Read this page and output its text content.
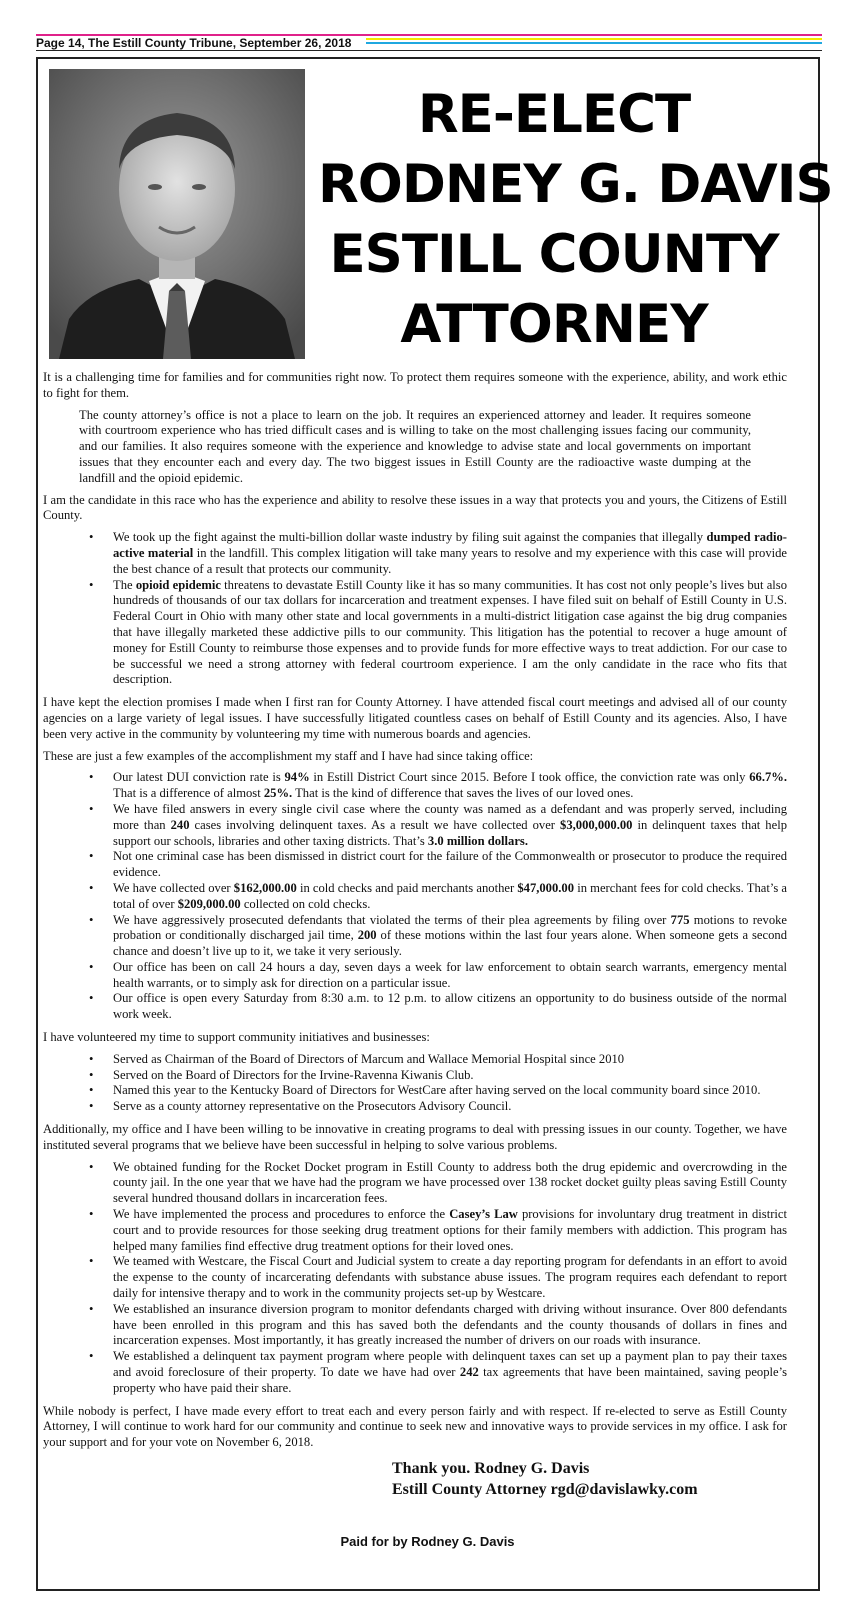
Page 14, The Estill County Tribune, September 26, 2018
RE-ELECT
RODNEY G. DAVIS
ESTILL COUNTY
ATTORNEY

It is a challenging time for families and for communities right now. To protect them requires someone with the experience, ability, and work ethic to fight for them.

The county attorney’s office is not a place to learn on the job. It requires an experienced attorney and leader. It requires someone with courtroom experience who has tried difficult cases and is willing to take on the most challenging issues facing our community, and our families. It also requires someone with the experience and knowledge to advise state and local governments on important issues that they encounter each and every day. The two biggest issues in Estill County are the radioactive waste dumping at the landfill and the opioid epidemic.

I am the candidate in this race who has the experience and ability to resolve these issues in a way that protects you and yours, the Citizens of Estill County.

• We took up the fight against the multi-billion dollar waste industry by filing suit against the companies that illegally dumped radio-active material in the landfill. This complex litigation will take many years to resolve and my experience with this case will provide the best chance of a result that protects our community.
• The opioid epidemic threatens to devastate Estill County like it has so many communities. It has cost not only people’s lives but also hundreds of thousands of our tax dollars for incarceration and treatment expenses. I have filed suit on behalf of Estill County in U.S. Federal Court in Ohio with many other state and local governments in a multi-district litigation case against the big drug companies that have illegally marketed these addictive pills to our community. This litigation has the potential to recover a huge amount of money for Estill County to reimburse those expenses and to provide funds for more effective ways to treat addiction. For our case to be successful we need a strong attorney with federal courtroom experience. I am the only candidate in the race who fits that description.

I have kept the election promises I made when I first ran for County Attorney. I have attended fiscal court meetings and advised all of our county agencies on a large variety of legal issues. I have successfully litigated countless cases on behalf of Estill County and its agencies. Also, I have been very active in the community by volunteering my time with numerous boards and agencies.

These are just a few examples of the accomplishment my staff and I have had since taking office:

• Our latest DUI conviction rate is 94% in Estill District Court since 2015. Before I took office, the conviction rate was only 66.7%. That is a difference of almost 25%. That is the kind of difference that saves the lives of our loved ones.
• We have filed answers in every single civil case where the county was named as a defendant and was properly served, including more than 240 cases involving delinquent taxes. As a result we have collected over $3,000,000.00 in delinquent taxes that help support our schools, libraries and other taxing districts. That’s 3.0 million dollars.
• Not one criminal case has been dismissed in district court for the failure of the Commonwealth or prosecutor to produce the required evidence.
• We have collected over $162,000.00 in cold checks and paid merchants another $47,000.00 in merchant fees for cold checks. That’s a total of over $209,000.00 collected on cold checks.
• We have aggressively prosecuted defendants that violated the terms of their plea agreements by filing over 775 motions to revoke probation or conditionally discharged jail time, 200 of these motions within the last four years alone. When someone gets a second chance and doesn’t live up to it, we take it very seriously.
• Our office has been on call 24 hours a day, seven days a week for law enforcement to obtain search warrants, emergency mental health warrants, or to simply ask for direction on a particular issue.
• Our office is open every Saturday from 8:30 a.m. to 12 p.m. to allow citizens an opportunity to do business outside of the normal work week.

I have volunteered my time to support community initiatives and businesses:

• Served as Chairman of the Board of Directors of Marcum and Wallace Memorial Hospital since 2010
• Served on the Board of Directors for the Irvine-Ravenna Kiwanis Club.
• Named this year to the Kentucky Board of Directors for WestCare after having served on the local community board since 2010.
• Serve as a county attorney representative on the Prosecutors Advisory Council.

Additionally, my office and I have been willing to be innovative in creating programs to deal with pressing issues in our county. Together, we have instituted several programs that we believe have been successful in helping to solve various problems.

• We obtained funding for the Rocket Docket program in Estill County to address both the drug epidemic and overcrowding in the county jail. In the one year that we have had the program we have processed over 138 rocket docket guilty pleas saving Estill County several hundred thousand dollars in incarceration fees.
• We have implemented the process and procedures to enforce the Casey’s Law provisions for involuntary drug treatment in district court and to provide resources for those seeking drug treatment options for their family members with addiction. This program has helped many families find effective drug treatment options for their loved ones.
• We teamed with Westcare, the Fiscal Court and Judicial system to create a day reporting program for defendants in an effort to avoid the expense to the county of incarcerating defendants with substance abuse issues. The program requires each defendant to report daily for intensive therapy and to work in the community projects set-up by Westcare.
• We established an insurance diversion program to monitor defendants charged with driving without insurance. Over 800 defendants have been enrolled in this program and this has saved both the defendants and the county thousands of dollars in fines and incarceration expenses. Most importantly, it has greatly increased the number of drivers on our roads with insurance.
• We established a delinquent tax payment program where people with delinquent taxes can set up a payment plan to pay their taxes and avoid foreclosure of their property. To date we have had over 242 tax agreements that have been maintained, saving people’s property who have paid their share.

While nobody is perfect, I have made every effort to treat each and every person fairly and with respect. If re-elected to serve as Estill County Attorney, I will continue to work hard for our community and continue to seek new and innovative ways to provide services in my office. I ask for your support and for your vote on November 6, 2018.

Thank you. Rodney G. Davis
Estill County Attorney rgd@davislawky.com
Paid for by Rodney G. Davis
